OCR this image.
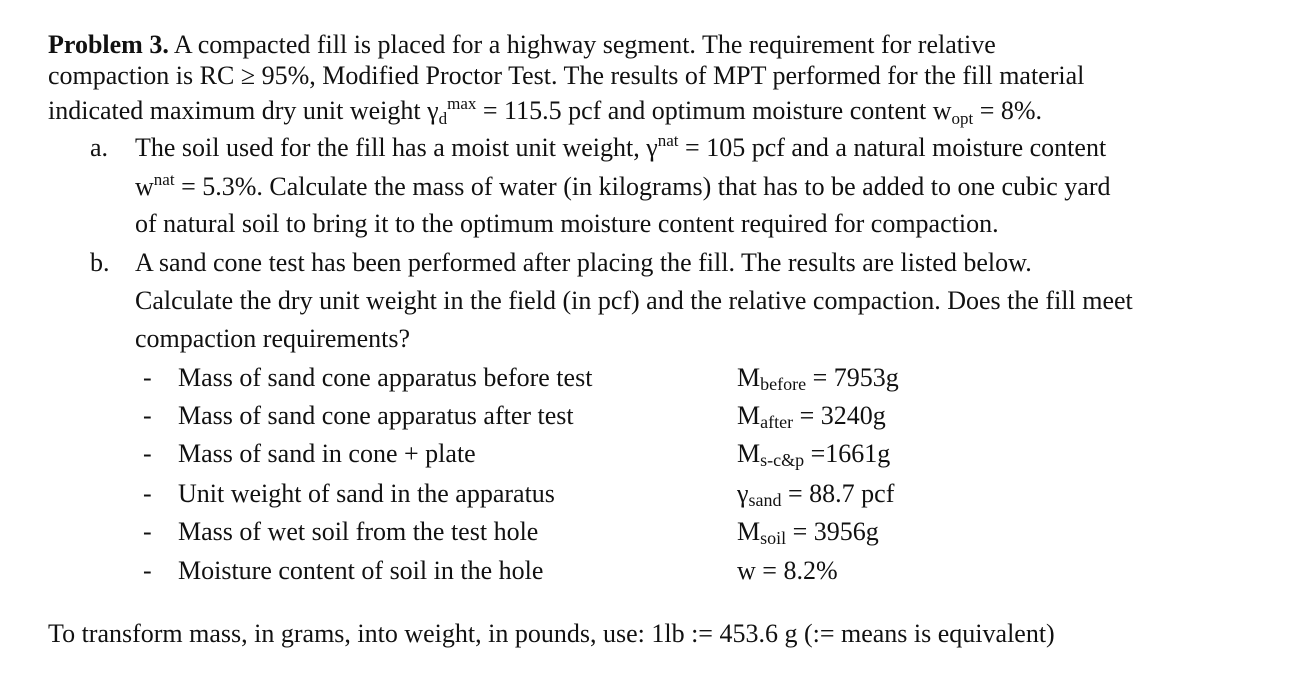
Problem 3. A compacted fill is placed for a highway segment. The requirement for relative
compaction is RC ≥ 95%, Modified Proctor Test. The results of MPT performed for the fill material
indicated maximum dry unit weight $\gamma_d^{max} = 115.5$ pcf and optimum moisture content $w_{opt} = 8\%$.
a. The soil used for the fill has a moist unit weight, $\gamma^{nat} = 105$ pcf and a natural moisture content
$w^{nat} = 5.3\%$. Calculate the mass of water (in kilograms) that has to be added to one cubic yard
of natural soil to bring it to the optimum moisture content required for compaction.
b. A sand cone test has been performed after placing the fill. The results are listed below.
Calculate the dry unit weight in the field (in pcf) and the relative compaction. Does the fill meet
compaction requirements?
- Mass of sand cone apparatus before test	Mbefore = 7953g
- Mass of sand cone apparatus after test	Mafter = 3240g
- Mass of sand in cone + plate	Ms-c&p =1661g
- Unit weight of sand in the apparatus	γsand = 88.7 pcf
- Mass of wet soil from the test hole	Msoil = 3956g
- Moisture content of soil in the hole	w = 8.2%
To transform mass, in grams, into weight, in pounds, use: 1lb := 453.6 g (:= means is equivalent)
